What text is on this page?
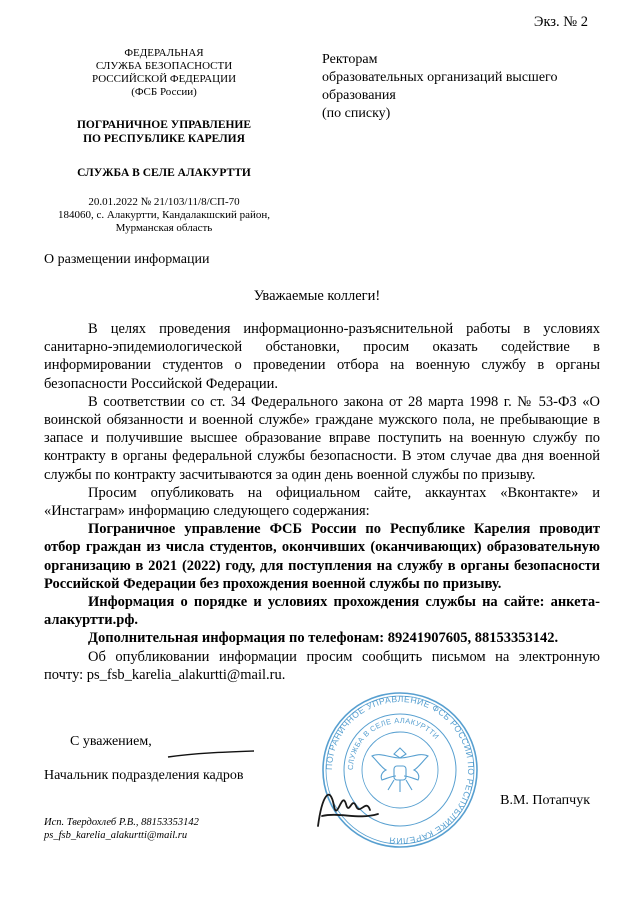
Экз. № 2
ФЕДЕРАЛЬНАЯ
СЛУЖБА БЕЗОПАСНОСТИ
РОССИЙСКОЙ ФЕДЕРАЦИИ
(ФСБ России)
ПОГРАНИЧНОЕ УПРАВЛЕНИЕ
ПО РЕСПУБЛИКЕ КАРЕЛИЯ
СЛУЖБА В СЕЛЕ АЛАКУРТТИ
20.01.2022 № 21/103/11/8/СП-70
184060, с. Алакуртти, Кандалакшский район,
Мурманская область
Ректорам
образовательных организаций высшего
образования
(по списку)
О размещении информации
Уважаемые коллеги!

В целях проведения информационно-разъяснительной работы в условиях санитарно-эпидемиологической обстановки, просим оказать содействие в информировании студентов о проведении отбора на военную службу в органы безопасности Российской Федерации.

В соответствии со ст. 34 Федерального закона от 28 марта 1998 г. № 53-ФЗ «О воинской обязанности и военной службе» граждане мужского пола, не пребывающие в запасе и получившие высшее образование вправе поступить на военную службу по контракту в органы федеральной службы безопасности. В этом случае два дня военной службы по контракту засчитываются за один день военной службы по призыву.

Просим опубликовать на официальном сайте, аккаунтах «Вконтакте» и «Инстаграм» информацию следующего содержания:

Пограничное управление ФСБ России по Республике Карелия проводит отбор граждан из числа студентов, окончивших (оканчивающих) образовательную организацию в 2021 (2022) году, для поступления на службу в органы безопасности Российской Федерации без прохождения военной службы по призыву.

Информация о порядке и условиях прохождения службы на сайте: анкета-алакуртти.рф.

Дополнительная информация по телефонам: 89241907605, 88153353142.

Об опубликовании информации просим сообщить письмом на электронную почту: ps_fsb_karelia_alakurtti@mail.ru.

С уважением,
Начальник подразделения кадров
ПОГРАНИЧНОЕ УПРАВЛЕНИЕ ФСБ РОССИИ ПО РЕСПУБЛИКЕ КАРЕЛИЯ
СЛУЖБА В СЕЛЕ АЛАКУРТТИ
В.М. Потапчук
Исп. Твердохлеб Р.В., 88153353142
ps_fsb_karelia_alakurtti@mail.ru
